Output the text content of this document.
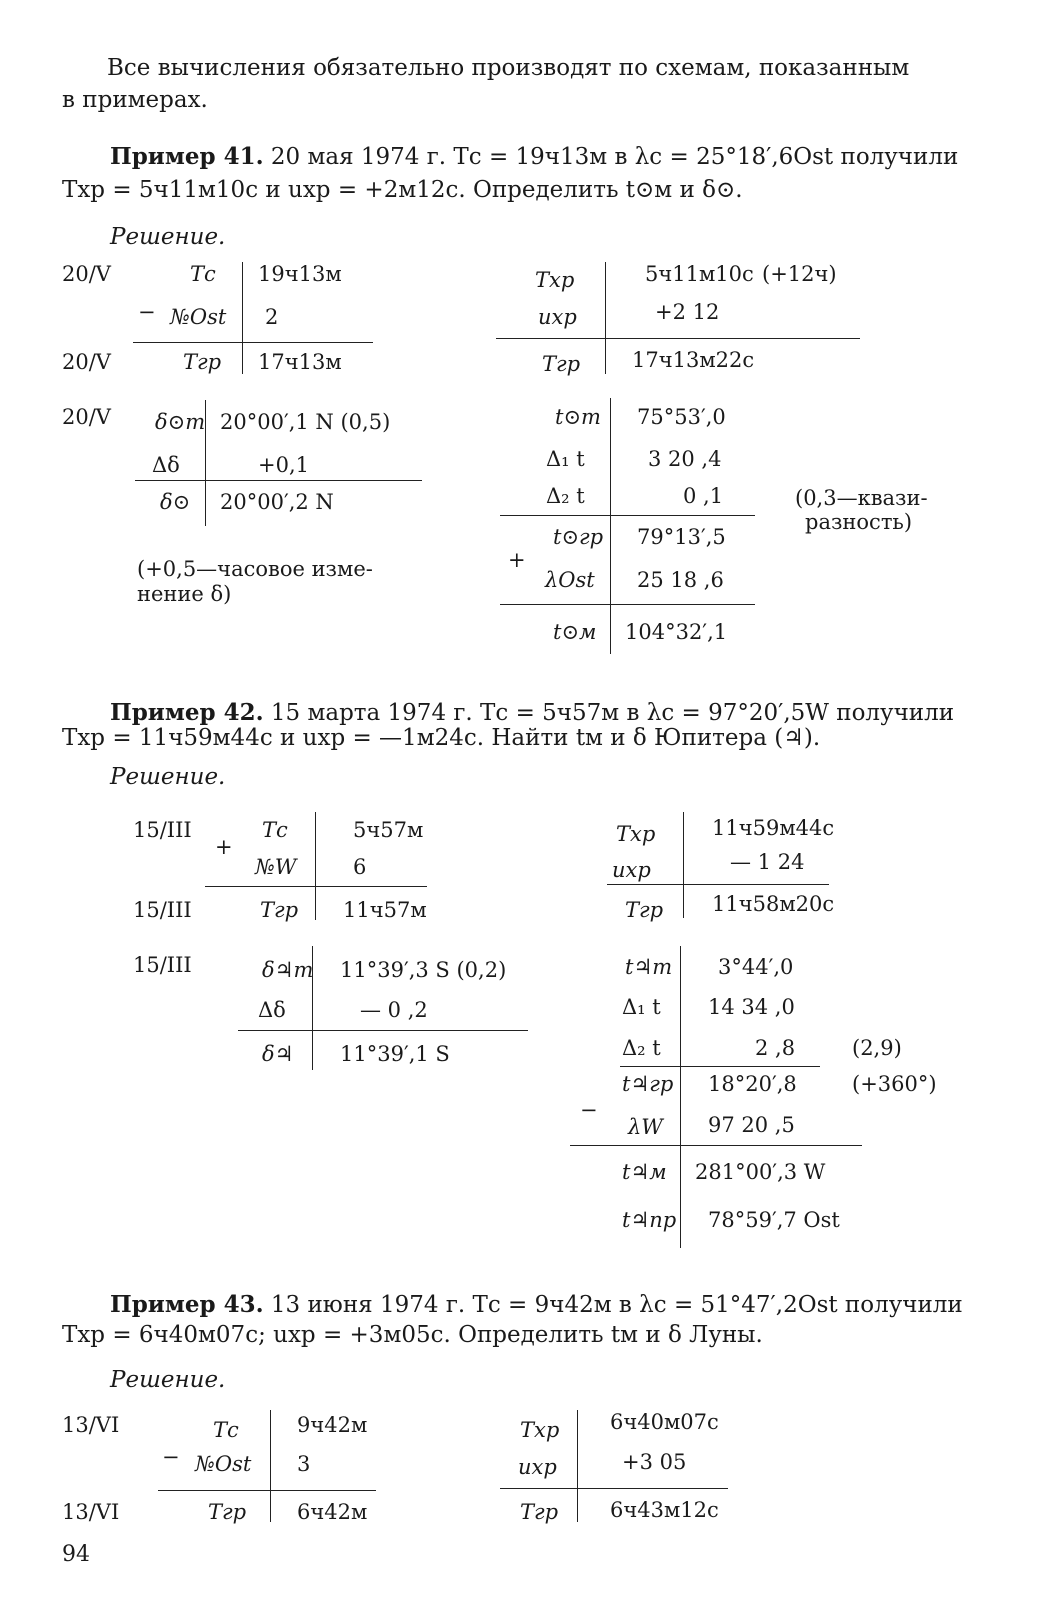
Все вычисления обязательно производят по схемам, показанным
в примерах.
Пример 41. 20 мая 1974 г. Tс = 19ч13м в λс = 25°18′,6Ost получили
Tхр = 5ч11м10с и uхр = +2м12с. Определить t⊙м и δ⊙.
Решение.
20/V	Tс 19ч13м
− №Ost 2
20/V	Tгр 17ч13м
Tхр	5ч11м10с (+12ч)
uхр	+2 12
Tгр 17ч13м22с
20/V δ⊙т 20°00′,1 N (0,5)
Δδ	+0,1
δ⊙ 20°00′,2 N
(+0,5—часовое изме-
нение δ)
t⊙т 75°53′,0
Δ₁ t	3 20 ,4
Δ₂ t	0 ,1	(0,3—квази-
разность)
t⊙гр 79°13′,5
+
λOst 25 18 ,6
t⊙м 104°32′,1
Пример 42. 15 марта 1974 г. Tс = 5ч57м в λс = 97°20′,5W получили
Tхр = 11ч59м44с и uхр = —1м24с. Найти tм и δ Юпитера (♃).
Решение.
15/III	Tс	5ч57м
+
№W	6
15/III	Tгр 11ч57м
Tхр	11ч59м44с
uхр	— 1 24
Tгр 11ч58м20с
15/III	δ♃т 11°39′,3 S (0,2)
Δδ	— 0 ,2
δ♃ 11°39′,1 S
t♃т 3°44′,0
Δ₁ t 14 34 ,0
Δ₂ t	2 ,8	(2,9)
t♃гр 18°20′,8	(+360°)
−
λW 97 20 ,5
t♃м 281°00′,3 W
t♃пр 78°59′,7 Ost
Пример 43. 13 июня 1974 г. Tс = 9ч42м в λс = 51°47′,2Ost получили
Tхр = 6ч40м07с; uхр = +3м05с. Определить tм и δ Луны.
Решение.
13/VI	Tс	9ч42м
− №Ost 3
13/VI	Tгр 6ч42м
Tхр 6ч40м07с
uхр	+3 05
Tгр 6ч43м12с
94
